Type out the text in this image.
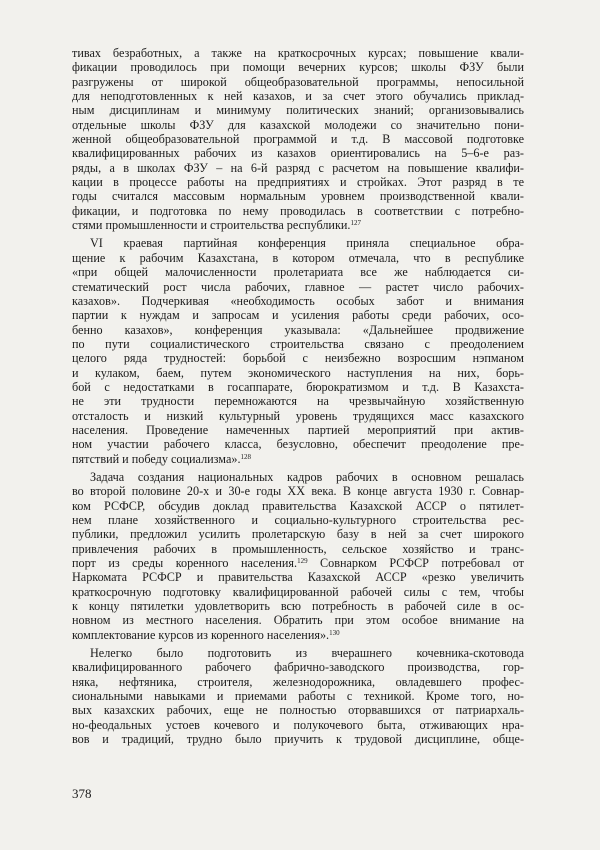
тивах безработных, а также на краткосрочных курсах; повышение квали-
фикации проводилось при помощи вечерних курсов; школы ФЗУ были
разгружены от широкой общеобразовательной программы, непосильной
для неподготовленных к ней казахов, и за счет этого обучались приклад-
ным дисциплинам и минимуму политических знаний; организовывались
отдельные школы ФЗУ для казахской молодежи со значительно пони-
женной общеобразовательной программой и т.д. В массовой подготовке
квалифицированных рабочих из казахов ориентировались на 5–6-е раз-
ряды, а в школах ФЗУ – на 6-й разряд с расчетом на повышение квалифи-
кации в процессе работы на предприятиях и стройках. Этот разряд в те
годы считался массовым нормальным уровнем производственной квали-
фикации, и подготовка по нему проводилась в соответствии с потребно-
стями промышленности и строительства республики.$^{127}$
VI краевая партийная конференция приняла специальное обра-
щение к рабочим Казахстана, в котором отмечала, что в республике
«при общей малочисленности пролетариата все же наблюдается си-
стематический рост числа рабочих, главное — растет число рабочих-
казахов». Подчеркивая «необходимость особых забот и внимания
партии к нуждам и запросам и усиления работы среди рабочих, осо-
бенно казахов», конференция указывала: «Дальнейшее продвижение
по пути социалистического строительства связано с преодолением
целого ряда трудностей: борьбой с неизбежно возросшим нэпманом
и кулаком, баем, путем экономического наступления на них, борь-
бой с недостатками в госаппарате, бюрократизмом и т.д. В Казахста-
не эти трудности перемножаются на чрезвычайную хозяйственную
отсталость и низкий культурный уровень трудящихся масс казахского
населения. Проведение намеченных партией мероприятий при актив-
ном участии рабочего класса, безусловно, обеспечит преодоление пре-
пятствий и победу социализма».$^{128}$
Задача создания национальных кадров рабочих в основном решалась
во второй половине 20-х и 30-е годы XX века. В конце августа 1930 г. Совнар-
ком РСФСР, обсудив доклад правительства Казахской АССР о пятилет-
нем плане хозяйственного и социально-культурного строительства рес-
публики, предложил усилить пролетарскую базу в ней за счет широкого
привлечения рабочих в промышленность, сельское хозяйство и транс-
порт из среды коренного населения.$^{129}$ Совнарком РСФСР потребовал от
Наркомата РСФСР и правительства Казахской АССР «резко увеличить
краткосрочную подготовку квалифицированной рабочей силы с тем, чтобы
к концу пятилетки удовлетворить всю потребность в рабочей силе в ос-
новном из местного населения. Обратить при этом особое внимание на
комплектование курсов из коренного населения».$^{130}$
Нелегко было подготовить из вчерашнего кочевника-скотовода
квалифицированного рабочего фабрично-заводского производства, гор-
няка, нефтяника, строителя, железнодорожника, овладевшего профес-
сиональными навыками и приемами работы с техникой. Кроме того, но-
вых казахских рабочих, еще не полностью оторвавшихся от патриархаль-
но-феодальных устоев кочевого и полукочевого быта, отживающих нра-
вов и традиций, трудно было приучить к трудовой дисциплине, обще-
378
